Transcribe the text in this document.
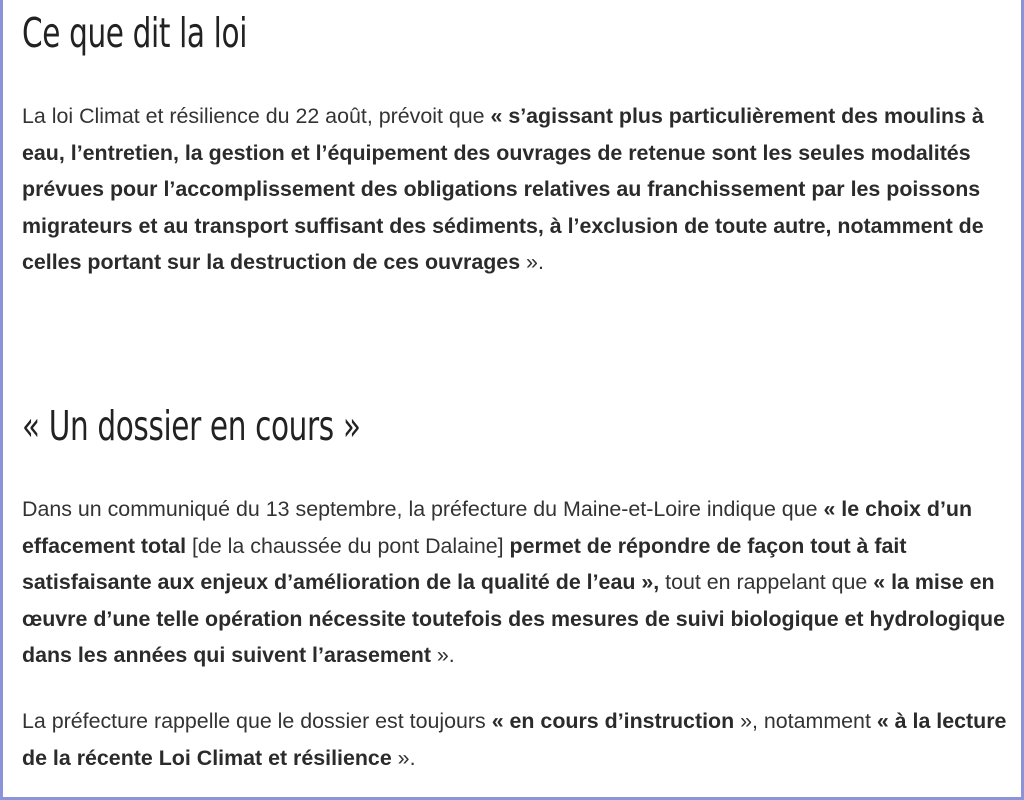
Ce que dit la loi

La loi Climat et résilience du 22 août, prévoit que « s’agissant plus particulièrement des moulins à eau, l’entretien, la gestion et l’équipement des ouvrages de retenue sont les seules modalités prévues pour l’accomplissement des obligations relatives au franchissement par les poissons migrateurs et au transport suffisant des sédiments, à l’exclusion de toute autre, notamment de celles portant sur la destruction de ces ouvrages ».

« Un dossier en cours »

Dans un communiqué du 13 septembre, la préfecture du Maine-et-Loire indique que « le choix d’un effacement total [de la chaussée du pont Dalaine] permet de répondre de façon tout à fait satisfaisante aux enjeux d’amélioration de la qualité de l’eau », tout en rappelant que « la mise en œuvre d’une telle opération nécessite toutefois des mesures de suivi biologique et hydrologique dans les années qui suivent l’arasement ».

La préfecture rappelle que le dossier est toujours « en cours d’instruction », notamment « à la lecture de la récente Loi Climat et résilience ».
